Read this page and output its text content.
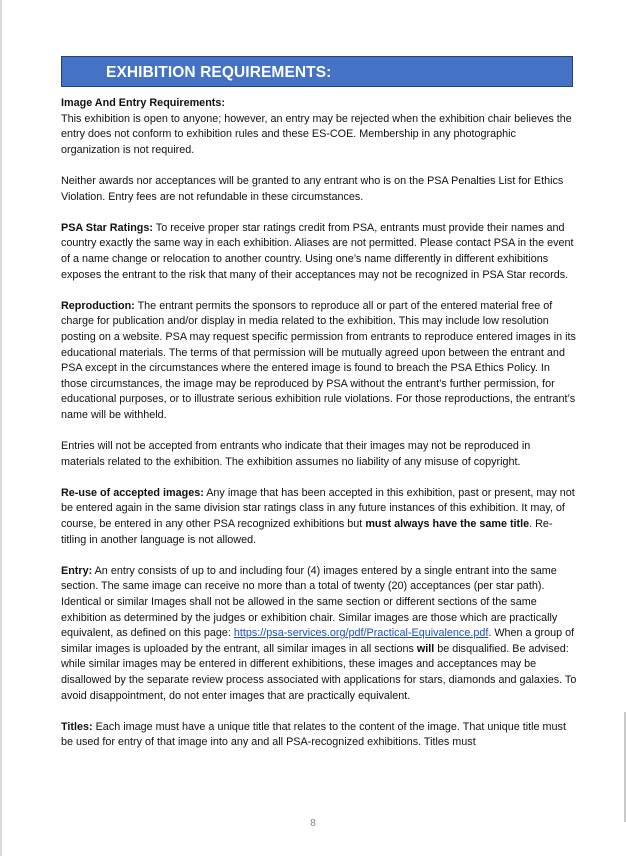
EXHIBITION REQUIREMENTS:

Image And Entry Requirements:

This exhibition is open to anyone; however, an entry may be rejected when the exhibition chair believes the entry does not conform to exhibition rules and these ES-COE. Membership in any photographic organization is not required.

Neither awards nor acceptances will be granted to any entrant who is on the PSA Penalties List for Ethics Violation. Entry fees are not refundable in these circumstances.

PSA Star Ratings: To receive proper star ratings credit from PSA, entrants must provide their names and country exactly the same way in each exhibition. Aliases are not permitted. Please contact PSA in the event of a name change or relocation to another country. Using one’s name differently in different exhibitions exposes the entrant to the risk that many of their acceptances may not be recognized in PSA Star records.

Reproduction: The entrant permits the sponsors to reproduce all or part of the entered material free of charge for publication and/or display in media related to the exhibition. This may include low resolution posting on a website. PSA may request specific permission from entrants to reproduce entered images in its educational materials. The terms of that permission will be mutually agreed upon between the entrant and PSA except in the circumstances where the entered image is found to breach the PSA Ethics Policy. In those circumstances, the image may be reproduced by PSA without the entrant’s further permission, for educational purposes, or to illustrate serious exhibition rule violations. For those reproductions, the entrant’s name will be withheld.

Entries will not be accepted from entrants who indicate that their images may not be reproduced in materials related to the exhibition. The exhibition assumes no liability of any misuse of copyright.

Re-use of accepted images: Any image that has been accepted in this exhibition, past or present, may not be entered again in the same division star ratings class in any future instances of this exhibition. It may, of course, be entered in any other PSA recognized exhibitions but must always have the same title. Re-titling in another language is not allowed.

Entry: An entry consists of up to and including four (4) images entered by a single entrant into the same section. The same image can receive no more than a total of twenty (20) acceptances (per star path). Identical or similar Images shall not be allowed in the same section or different sections of the same exhibition as determined by the judges or exhibition chair. Similar images are those which are practically equivalent, as defined on this page: https://psa-services.org/pdf/Practical-Equivalence.pdf. When a group of similar images is uploaded by the entrant, all similar images in all sections will be disqualified. Be advised: while similar images may be entered in different exhibitions, these images and acceptances may be disallowed by the separate review process associated with applications for stars, diamonds and galaxies. To avoid disappointment, do not enter images that are practically equivalent.

Titles: Each image must have a unique title that relates to the content of the image. That unique title must be used for entry of that image into any and all PSA-recognized exhibitions. Titles must

8
